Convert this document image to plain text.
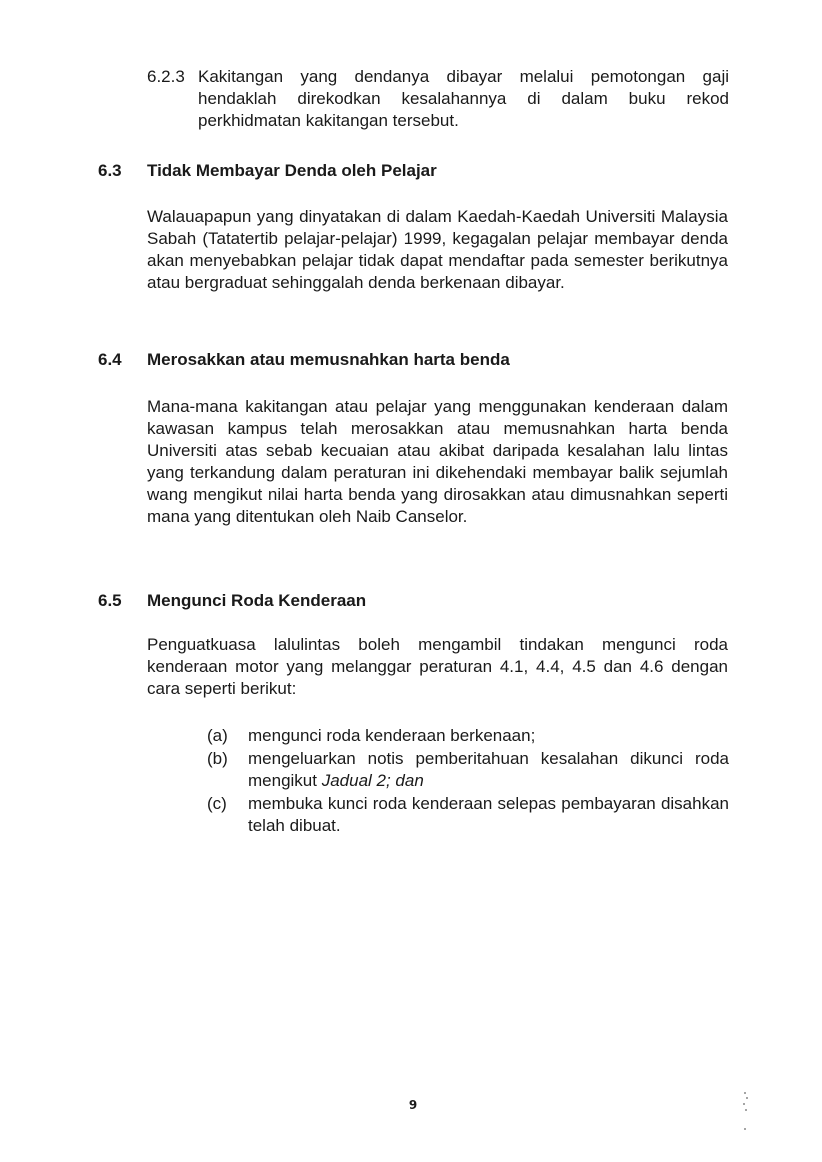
6.2.3 Kakitangan yang dendanya dibayar melalui pemotongan gaji hendaklah direkodkan kesalahannya di dalam buku rekod perkhidmatan kakitangan tersebut.
6.3 Tidak Membayar Denda oleh Pelajar

Walauapapun yang dinyatakan di dalam Kaedah-Kaedah Universiti Malaysia Sabah (Tatatertib pelajar-pelajar) 1999, kegagalan pelajar membayar denda akan menyebabkan pelajar tidak dapat mendaftar pada semester berikutnya atau bergraduat sehinggalah denda berkenaan dibayar.

6.4 Merosakkan atau memusnahkan harta benda

Mana-mana kakitangan atau pelajar yang menggunakan kenderaan dalam kawasan kampus telah merosakkan atau memusnahkan harta benda Universiti atas sebab kecuaian atau akibat daripada kesalahan lalu lintas yang terkandung dalam peraturan ini dikehendaki membayar balik sejumlah wang mengikut nilai harta benda yang dirosakkan atau dimusnahkan seperti mana yang ditentukan oleh Naib Canselor.

6.5 Mengunci Roda Kenderaan

Penguatkuasa lalulintas boleh mengambil tindakan mengunci roda kenderaan motor yang melanggar peraturan 4.1, 4.4, 4.5 dan 4.6 dengan cara seperti berikut:

(a) mengunci roda kenderaan berkenaan;
(b) mengeluarkan notis pemberitahuan kesalahan dikunci roda mengikut Jadual 2; dan
(c) membuka kunci roda kenderaan selepas pembayaran disahkan telah dibuat.
9
